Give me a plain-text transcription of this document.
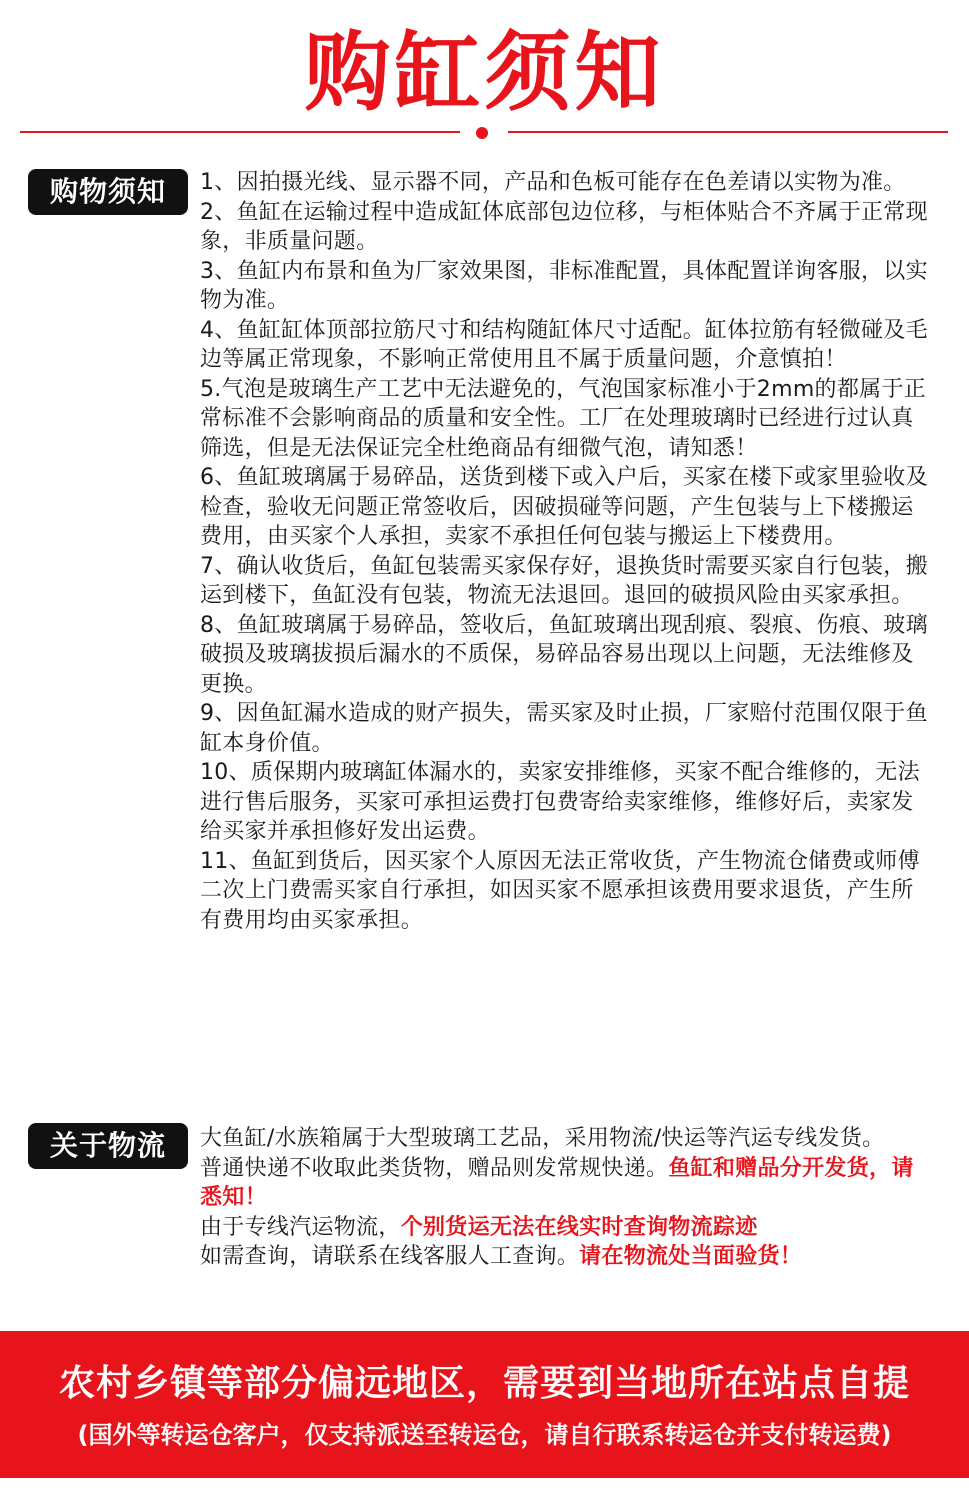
购缸须知
购物须知	1、因拍摄光线、显示器不同，产品和色板可能存在色差请以实物为准。

2、鱼缸在运输过程中造成缸体底部包边位移，与柜体贴合不齐属于正常现象，非质量问题。

3、鱼缸内布景和鱼为厂家效果图，非标准配置，具体配置详询客服，以实物为准。

4、鱼缸缸体顶部拉筋尺寸和结构随缸体尺寸适配。缸体拉筋有轻微碰及毛边等属正常现象，不影响正常使用且不属于质量问题，介意慎拍！

5.气泡是玻璃生产工艺中无法避免的，气泡国家标准小于2mm的都属于正常标准不会影响商品的质量和安全性。工厂在处理玻璃时已经进行过认真筛选，但是无法保证完全杜绝商品有细微气泡，请知悉！

6、鱼缸玻璃属于易碎品，送货到楼下或入户后，买家在楼下或家里验收及检查，验收无问题正常签收后，因破损碰等问题，产生包装与上下楼搬运费用，由买家个人承担，卖家不承担任何包装与搬运上下楼费用。

7、确认收货后，鱼缸包装需买家保存好，退换货时需要买家自行包装，搬运到楼下，鱼缸没有包装，物流无法退回。退回的破损风险由买家承担。

8、鱼缸玻璃属于易碎品，签收后，鱼缸玻璃出现刮痕、裂痕、伤痕、玻璃破损及玻璃拔损后漏水的不质保，易碎品容易出现以上问题，无法维修及更换。

9、因鱼缸漏水造成的财产损失，需买家及时止损，厂家赔付范围仅限于鱼缸本身价值。

10、质保期内玻璃缸体漏水的，卖家安排维修，买家不配合维修的，无法进行售后服务，买家可承担运费打包费寄给卖家维修，维修好后，卖家发给买家并承担修好发出运费。

11、鱼缸到货后，因买家个人原因无法正常收货，产生物流仓储费或师傅二次上门费需买家自行承担，如因买家不愿承担该费用要求退货，产生所有费用均由买家承担。

关于物流	大鱼缸/水族箱属于大型玻璃工艺品，采用物流/快运等汽运专线发货。

普通快递不收取此类货物，赠品则发常规快递。鱼缸和赠品分开发货，请悉知！

由于专线汽运物流，个别货运无法在线实时查询物流踪迹

如需查询，请联系在线客服人工查询。请在物流处当面验货！

农村乡镇等部分偏远地区，需要到当地所在站点自提
(国外等转运仓客户，仅支持派送至转运仓，请自行联系转运仓并支付转运费)
